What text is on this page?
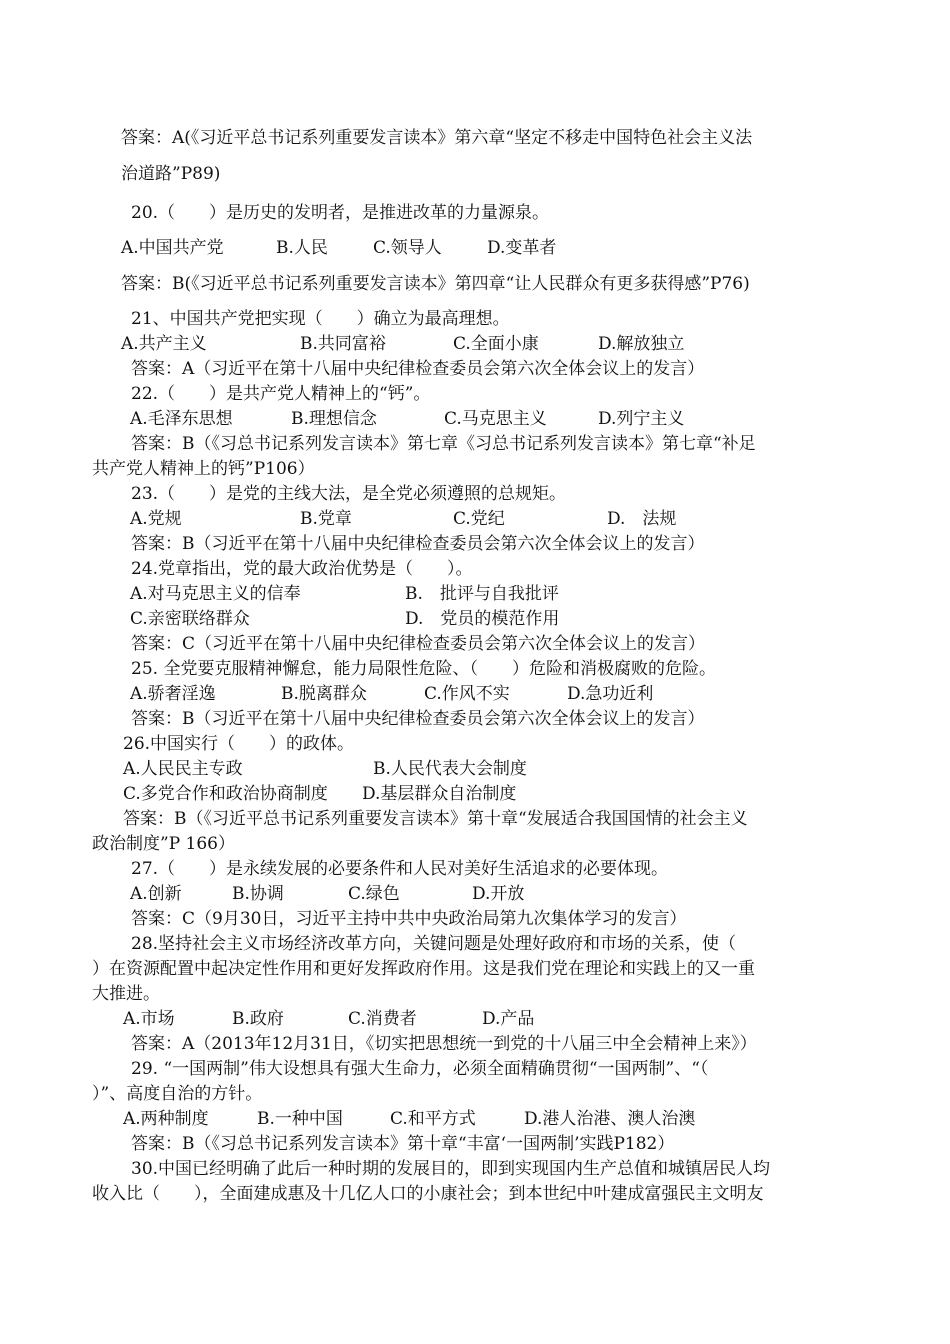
答案：A(《习近平总书记系列重要发言读本》第六章“坚定不移走中国特色社会主义法
治道路”P89)
20.（　　）是历史的发明者，是推进改革的力量源泉。
A.中国共产党	B.人民	C.领导人	D.变革者
答案：B(《习近平总书记系列重要发言读本》第四章“让人民群众有更多获得感”P76)
21、中国共产党把实现（　　）确立为最高理想。
A.共产主义	B.共同富裕	C.全面小康	D.解放独立
答案：A（习近平在第十八届中央纪律检查委员会第六次全体会议上的发言）
22.（　　）是共产党人精神上的“钙”。
A.毛泽东思想	B.理想信念	C.马克思主义	D.列宁主义
答案：B（《习总书记系列发言读本》第七章《习总书记系列发言读本》第七章“补足
共产党人精神上的钙”P106）
23.（　　）是党的主线大法，是全党必须遵照的总规矩。
A.党规	B.党章	C.党纪	D.　法规
答案：B（习近平在第十八届中央纪律检查委员会第六次全体会议上的发言）
24.党章指出，党的最大政治优势是（　　）。
A.对马克思主义的信奉	B.　批评与自我批评
C.亲密联络群众	D.　党员的模范作用
答案：C（习近平在第十八届中央纪律检查委员会第六次全体会议上的发言）
25. 全党要克服精神懈怠，能力局限性危险、（　　）危险和消极腐败的危险。
A.骄奢淫逸	B.脱离群众	C.作风不实	D.急功近利
答案：B（习近平在第十八届中央纪律检查委员会第六次全体会议上的发言）
26.中国实行（　　）的政体。
A.人民民主专政	B.人民代表大会制度
C.多党合作和政治协商制度 D.基层群众自治制度
答案：B（《习近平总书记系列重要发言读本》第十章“发展适合我国国情的社会主义
政治制度”P 166）
27.（　　）是永续发展的必要条件和人民对美好生活追求的必要体现。
A.创新	B.协调	C.绿色	D.开放
答案：C（9月30日，习近平主持中共中央政治局第九次集体学习的发言）
28.坚持社会主义市场经济改革方向，关键问题是处理好政府和市场的关系，使（
）在资源配置中起决定性作用和更好发挥政府作用。这是我们党在理论和实践上的又一重
大推进。
A.市场	B.政府	C.消费者	D.产品
答案：A（2013年12月31日，《切实把思想统一到党的十八届三中全会精神上来》）
29. “一国两制”伟大设想具有强大生命力，必须全面精确贯彻“一国两制”、“（
）”、高度自治的方针。
A.两种制度	B.一种中国	C.和平方式	D.港人治港、澳人治澳
答案：B（《习总书记系列发言读本》第十章“丰富‘一国两制’实践P182）
30.中国已经明确了此后一种时期的发展目的，即到实现国内生产总值和城镇居民人均
收入比（　　），全面建成惠及十几亿人口的小康社会；到本世纪中叶建成富强民主文明友
